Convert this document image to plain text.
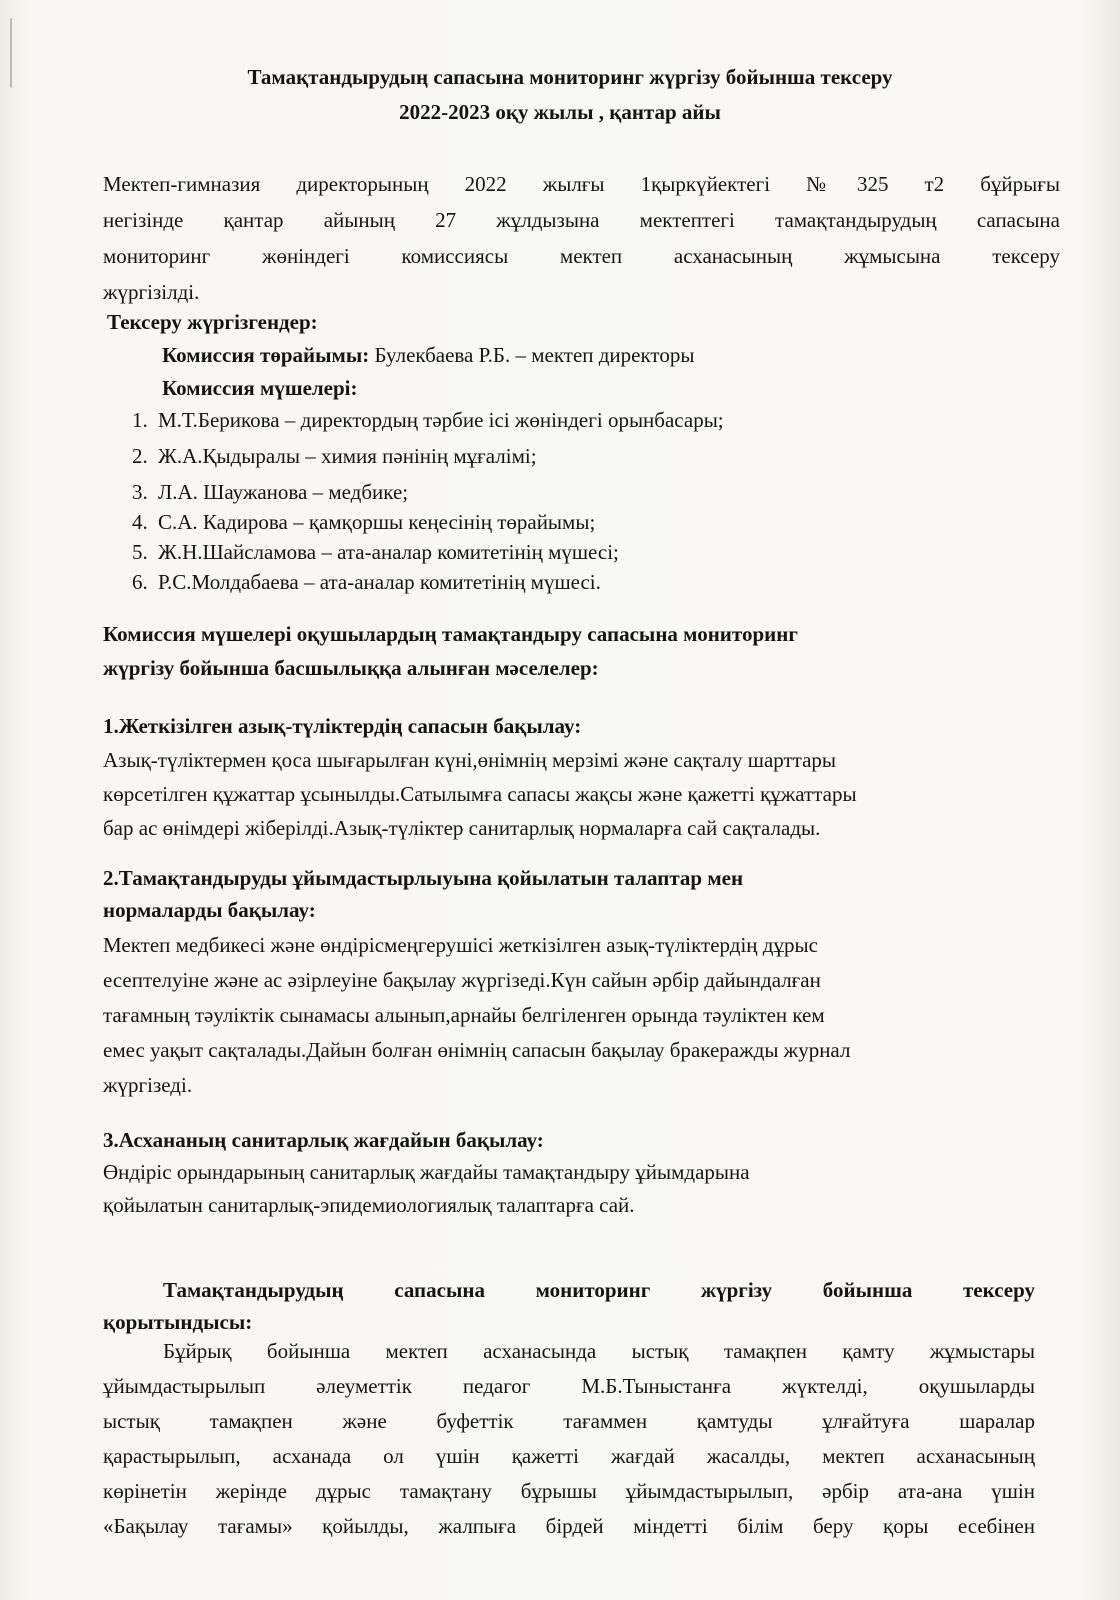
Тамақтандырудың сапасына мониторинг жүргізу бойынша тексеру
2022-2023 оқу жылы , қантар айы
Мектеп-гимназия директорының 2022 жылғы 1қыркүйектегі №325 т2 бұйрығы
негізінде қантар айының 27 жұлдызына мектептегі тамақтандырудың сапасына
мониторинг жөніндегі комиссиясы мектеп асханасының жұмысына тексеру
жүргізілді.
Тексеру жүргізгендер:
Комиссия төрайымы: Булекбаева Р.Б. – мектеп директоры
Комиссия мүшелері:
1. М.Т.Берикова – директордың тәрбие ісі жөніндегі орынбасары;
2. Ж.А.Қыдыралы – химия пәнінің мұғалімі;
3. Л.А. Шаужанова – медбике;
4. С.А. Кадирова – қамқоршы кеңесінің төрайымы;
5. Ж.Н.Шайсламова – ата-аналар комитетінің мүшесі;
6. Р.С.Молдабаева – ата-аналар комитетінің мүшесі.
Комиссия мүшелері оқушылардың тамақтандыру сапасына мониторинг
жүргізу бойынша басшылыққа алынған мәселелер:
1.Жеткізілген азық-түліктердің сапасын бақылау:
Азық-түліктермен қоса шығарылған күні,өнімнің мерзімі және сақталу шарттары
көрсетілген құжаттар ұсынылды.Сатылымға сапасы жақсы және қажетті құжаттары
бар ас өнімдері жіберілді.Азық-түліктер санитарлық нормаларға сай сақталады.
2.Тамақтандыруды ұйымдастырлыуына қойылатын талаптар мен
нормаларды бақылау:
Мектеп медбикесі және өндірісмеңгерушісі жеткізілген азық-түліктердің дұрыс
есептелуіне және ас әзірлеуіне бақылау жүргізеді.Күн сайын әрбір дайындалған
тағамның тәуліктік сынамасы алынып,арнайы белгіленген орында тәуліктен кем
емес уақыт сақталады.Дайын болған өнімнің сапасын бақылау бракеражды журнал
жүргізеді.
3.Асхананың санитарлық жағдайын бақылау:
Өндіріс орындарының санитарлық жағдайы тамақтандыру ұйымдарына
қойылатын санитарлық-эпидемиологиялық талаптарға сай.
Тамақтандырудың сапасына мониторинг жүргізу бойынша тексеру
қорытындысы:
Бұйрық бойынша мектеп асханасында ыстық тамақпен қамту жұмыстары
ұйымдастырылып әлеуметтік педагог М.Б.Тыныстанға жүктелді, оқушыларды
ыстық тамақпен және буфеттік тағаммен қамтуды ұлғайтуға шаралар
қарастырылып, асханада ол үшін қажетті жағдай жасалды, мектеп асханасының
көрінетін жерінде дұрыс тамақтану бұрышы ұйымдастырылып, әрбір ата-ана үшін
«Бақылау тағамы» қойылды, жалпыға бірдей міндетті білім беру қоры есебінен
